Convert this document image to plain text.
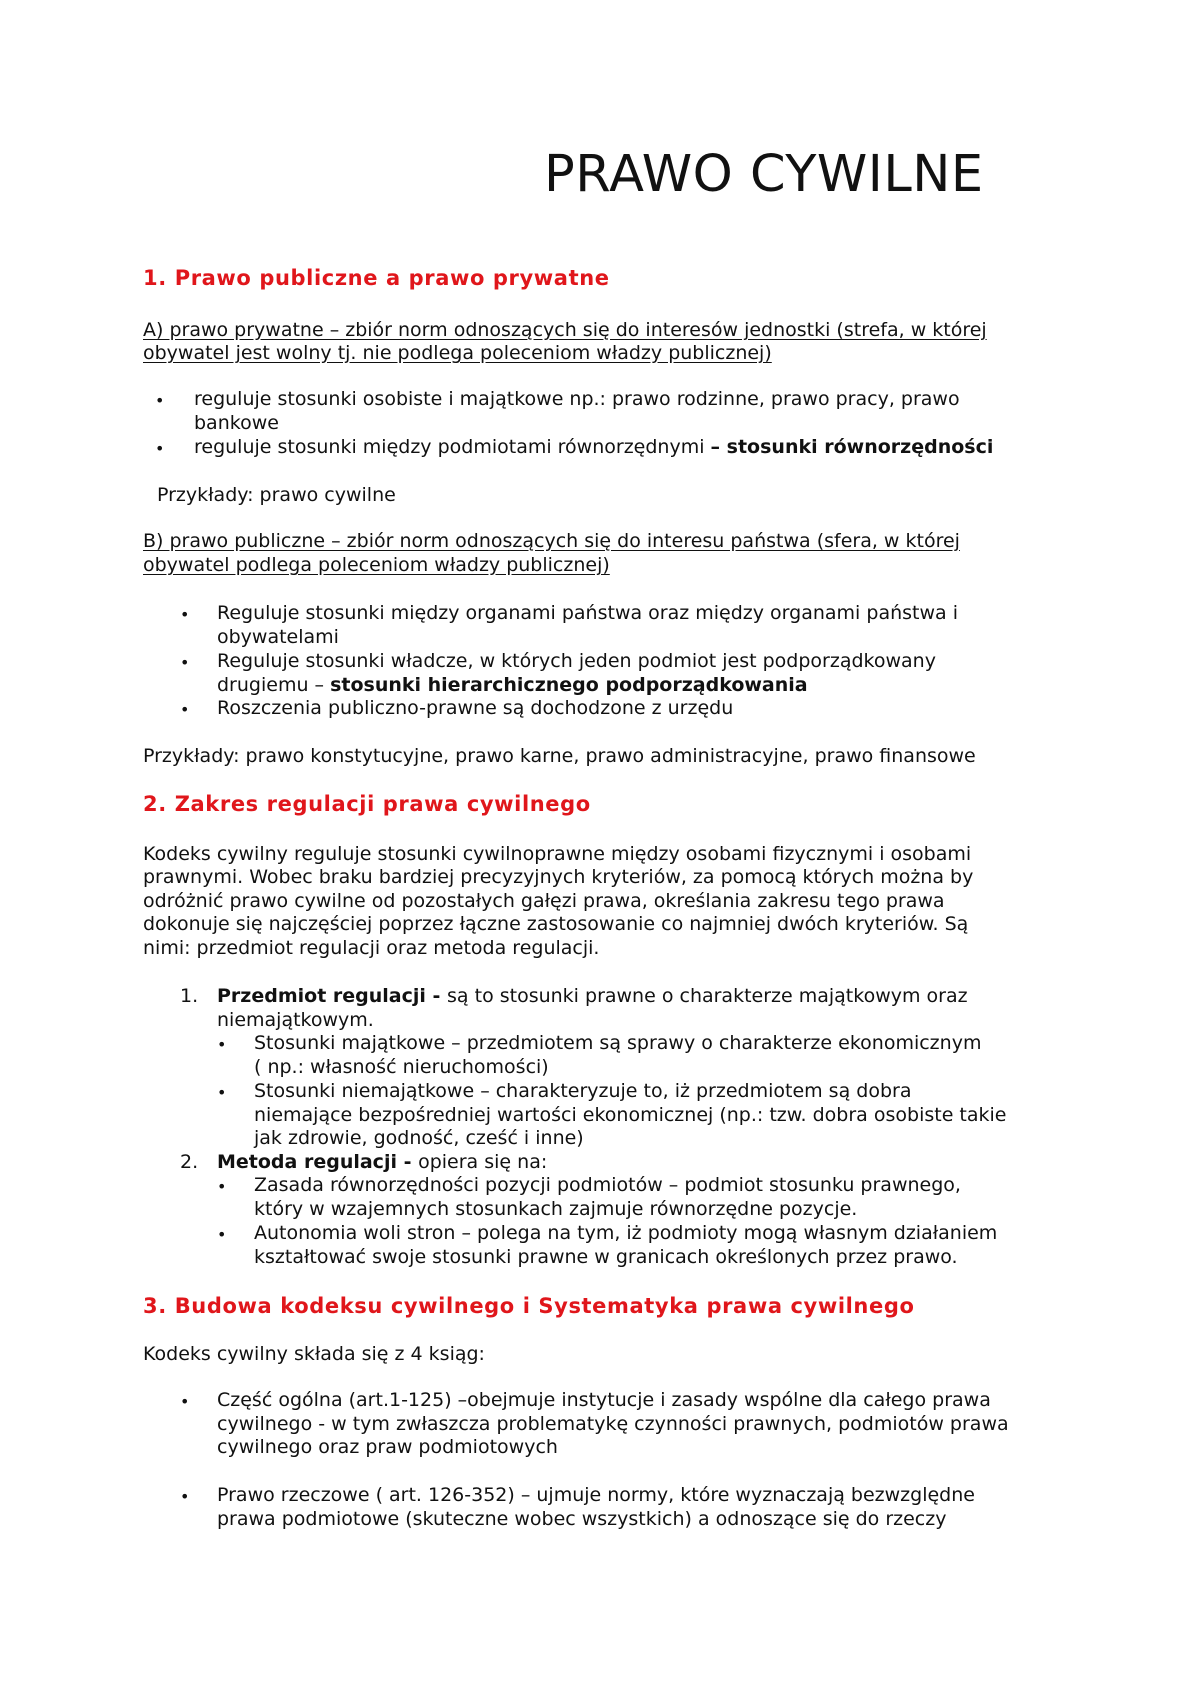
PRAWO CYWILNE
1. Prawo publiczne a prawo prywatne

A) prawo prywatne – zbiór norm odnoszących się do interesów jednostki (strefa, w której

obywatel jest wolny tj. nie podlega poleceniom władzy publicznej)

• reguluje stosunki osobiste i majątkowe np.: prawo rodzinne, prawo pracy, prawo

bankowe

• reguluje stosunki między podmiotami równorzędnymi – stosunki równorzędności

Przykłady: prawo cywilne

B) prawo publiczne – zbiór norm odnoszących się do interesu państwa (sfera, w której

obywatel podlega poleceniom władzy publicznej)

• Reguluje stosunki między organami państwa oraz między organami państwa i

obywatelami

• Reguluje stosunki władcze, w których jeden podmiot jest podporządkowany

drugiemu – stosunki hierarchicznego podporządkowania

• Roszczenia publiczno-prawne są dochodzone z urzędu

Przykłady: prawo konstytucyjne, prawo karne, prawo administracyjne, prawo finansowe

2. Zakres regulacji prawa cywilnego

Kodeks cywilny reguluje stosunki cywilnoprawne między osobami fizycznymi i osobami

prawnymi. Wobec braku bardziej precyzyjnych kryteriów, za pomocą których można by

odróżnić prawo cywilne od pozostałych gałęzi prawa, określania zakresu tego prawa

dokonuje się najczęściej poprzez łączne zastosowanie co najmniej dwóch kryteriów. Są

nimi: przedmiot regulacji oraz metoda regulacji.

1. Przedmiot regulacji - są to stosunki prawne o charakterze majątkowym oraz

niemajątkowym.

• Stosunki majątkowe – przedmiotem są sprawy o charakterze ekonomicznym

( np.: własność nieruchomości)

• Stosunki niemajątkowe – charakteryzuje to, iż przedmiotem są dobra

niemające bezpośredniej wartości ekonomicznej (np.: tzw. dobra osobiste takie

jak zdrowie, godność, cześć i inne)

2. Metoda regulacji - opiera się na:

• Zasada równorzędności pozycji podmiotów – podmiot stosunku prawnego,

który w wzajemnych stosunkach zajmuje równorzędne pozycje.

• Autonomia woli stron – polega na tym, iż podmioty mogą własnym działaniem

kształtować swoje stosunki prawne w granicach określonych przez prawo.

3. Budowa kodeksu cywilnego i Systematyka prawa cywilnego

Kodeks cywilny składa się z 4 ksiąg:

• Część ogólna (art.1-125) –obejmuje instytucje i zasady wspólne dla całego prawa

cywilnego - w tym zwłaszcza problematykę czynności prawnych, podmiotów prawa

cywilnego oraz praw podmiotowych

• Prawo rzeczowe ( art. 126-352) – ujmuje normy, które wyznaczają bezwzględne

prawa podmiotowe (skuteczne wobec wszystkich) a odnoszące się do rzeczy
